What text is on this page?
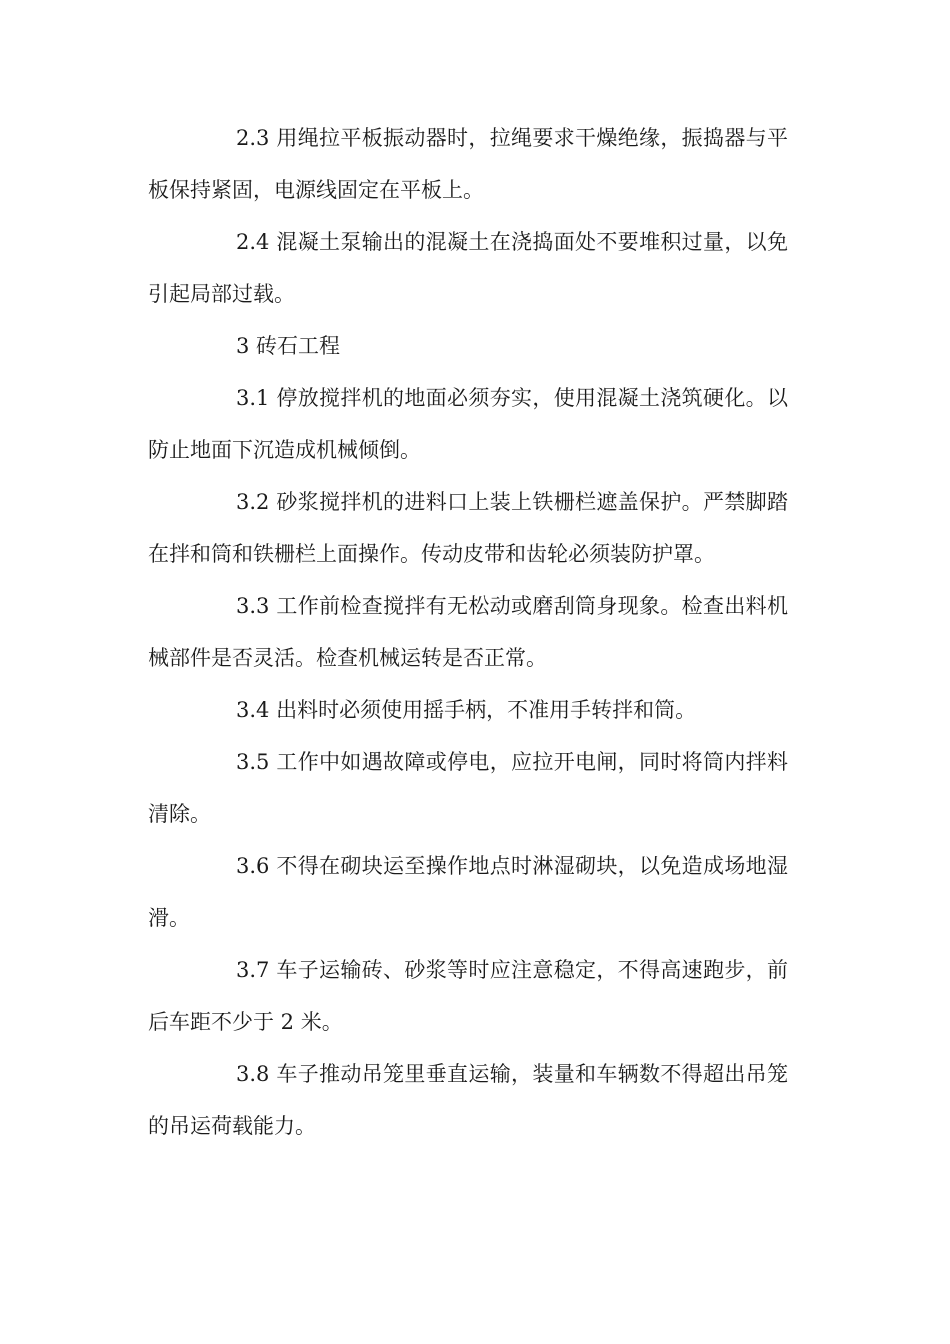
2.3 用绳拉平板振动器时，拉绳要求干燥绝缘，振捣器与平板保持紧固，电源线固定在平板上。

2.4 混凝土泵输出的混凝土在浇捣面处不要堆积过量，以免引起局部过载。

3 砖石工程

3.1 停放搅拌机的地面必须夯实，使用混凝土浇筑硬化。以防止地面下沉造成机械倾倒。

3.2 砂浆搅拌机的进料口上装上铁栅栏遮盖保护。严禁脚踏在拌和筒和铁栅栏上面操作。传动皮带和齿轮必须装防护罩。

3.3 工作前检查搅拌有无松动或磨刮筒身现象。检查出料机械部件是否灵活。检查机械运转是否正常。

3.4 出料时必须使用摇手柄，不准用手转拌和筒。

3.5 工作中如遇故障或停电，应拉开电闸，同时将筒内拌料清除。

3.6 不得在砌块运至操作地点时淋湿砌块，以免造成场地湿滑。

3.7 车子运输砖、砂浆等时应注意稳定，不得高速跑步，前后车距不少于 2 米。

3.8 车子推动吊笼里垂直运输，装量和车辆数不得超出吊笼的吊运荷载能力。
